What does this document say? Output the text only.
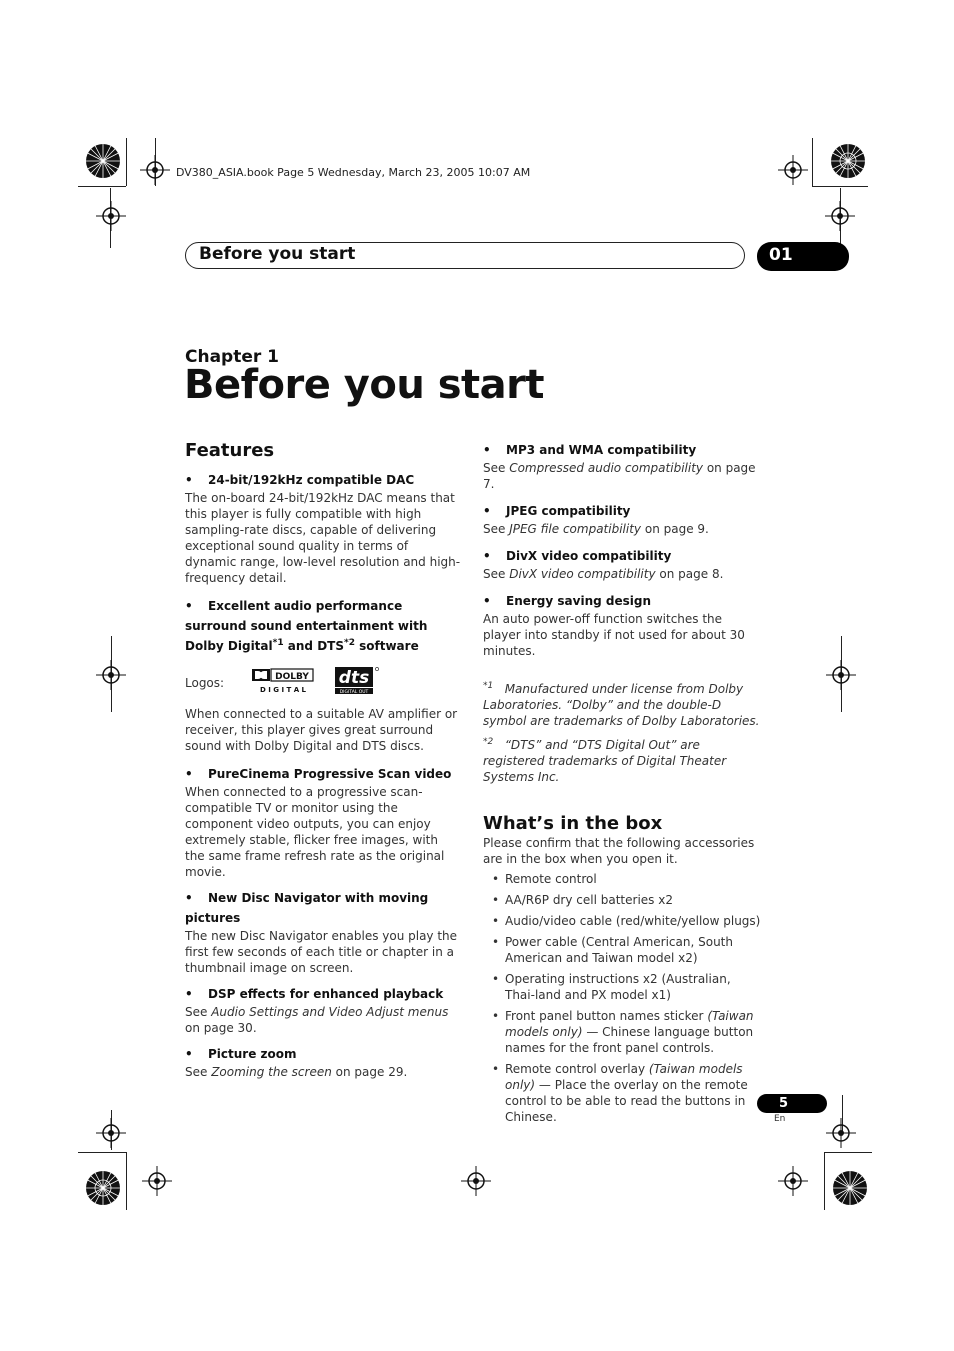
DV380_ASIA.book Page 5 Wednesday, March 23, 2005 10:07 AM
Before you start	01
Chapter 1
Before you start
Features
• 24-bit/192kHz compatible DAC

The on-board 24-bit/192kHz DAC means that this player is fully compatible with high sampling-rate discs, capable of delivering exceptional sound quality in terms of dynamic range, low-level resolution and high-frequency detail.

• Excellent audio performance surround sound entertainment with Dolby Digital$^{*1}$ and DTS$^{*2}$ software
Logos:	DOLBY
D I G I T A L
dts
DIGITAL OUT

When connected to a suitable AV amplifier or receiver, this player gives great surround sound with Dolby Digital and DTS discs.

• PureCinema Progressive Scan video

When connected to a progressive scan-compatible TV or monitor using the component video outputs, you can enjoy extremely stable, flicker free images, with the same frame refresh rate as the original movie.

• New Disc Navigator with moving pictures

The new Disc Navigator enables you play the first few seconds of each title or chapter in a thumbnail image on screen.

• DSP effects for enhanced playback

See Audio Settings and Video Adjust menus on page 30.

• Picture zoom

See Zooming the screen on page 29.

• MP3 and WMA compatibility

See Compressed audio compatibility on page 7.

• JPEG compatibility

See JPEG file compatibility on page 9.

• DivX video compatibility

See DivX video compatibility on page 8.

• Energy saving design

An auto power-off function switches the player into standby if not used for about 30 minutes.

$^{*1}$ Manufactured under license from Dolby Laboratories. “Dolby” and the double-D symbol are trademarks of Dolby Laboratories.
$^{*2}$ “DTS” and “DTS Digital Out” are registered trademarks of Digital Theater Systems Inc.
What’s in the box

Please confirm that the following accessories are in the box when you open it.

• Remote control
• AA/R6P dry cell batteries x2
• Audio/video cable (red/white/yellow plugs)
• Power cable (Central American, South American and Taiwan model x2)
• Operating instructions x2 (Australian, Thai-land and PX model x1)
• Front panel button names sticker (Taiwan models only) — Chinese language button names for the front panel controls.
• Remote control overlay (Taiwan models only) — Place the overlay on the remote control to be able to read the buttons in Chinese.
5
En
